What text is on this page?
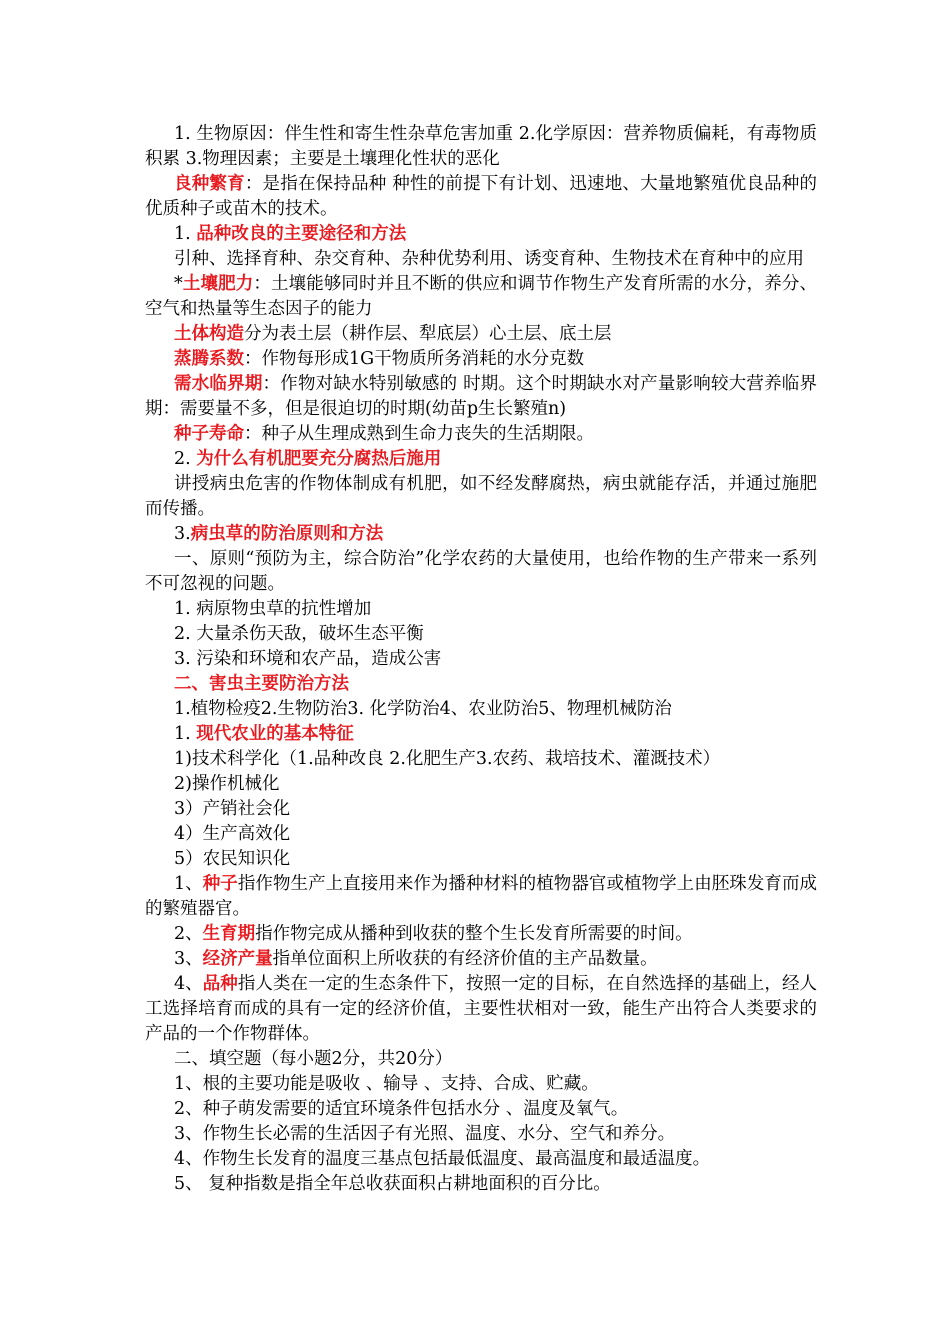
1. 生物原因：伴生性和寄生性杂草危害加重 2.化学原因：营养物质偏耗，有毒物质积累 3.物理因素；主要是土壤理化性状的恶化

良种繁育：是指在保持品种 种性的前提下有计划、迅速地、大量地繁殖优良品种的优质种子或苗木的技术。

1. 品种改良的主要途径和方法

引种、选择育种、杂交育种、杂种优势利用、诱变育种、生物技术在育种中的应用

*土壤肥力：土壤能够同时并且不断的供应和调节作物生产发育所需的水分，养分、空气和热量等生态因子的能力

土体构造分为表土层（耕作层、犁底层）心土层、底土层

蒸腾系数：作物每形成1G干物质所务消耗的水分克数

需水临界期：作物对缺水特别敏感的 时期。这个时期缺水对产量影响较大营养临界期：需要量不多，但是很迫切的时期(幼苗p生长繁殖n)

种子寿命：种子从生理成熟到生命力丧失的生活期限。

2. 为什么有机肥要充分腐热后施用

讲授病虫危害的作物体制成有机肥，如不经发酵腐热，病虫就能存活，并通过施肥而传播。

3.病虫草的防治原则和方法

一、原则“预防为主，综合防治”化学农药的大量使用，也给作物的生产带来一系列不可忽视的问题。

1. 病原物虫草的抗性增加

2. 大量杀伤天敌，破坏生态平衡

3. 污染和环境和农产品，造成公害

二、害虫主要防治方法

1.植物检疫2.生物防治3. 化学防治4、农业防治5、物理机械防治

1. 现代农业的基本特征

1)技术科学化（1.品种改良 2.化肥生产3.农药、栽培技术、灌溉技术）

2)操作机械化

3）产销社会化

4）生产高效化

5）农民知识化

1、种子指作物生产上直接用来作为播种材料的植物器官或植物学上由胚珠发育而成的繁殖器官。

2、生育期指作物完成从播种到收获的整个生长发育所需要的时间。

3、经济产量指单位面积上所收获的有经济价值的主产品数量。

4、品种指人类在一定的生态条件下，按照一定的目标，在自然选择的基础上，经人工选择培育而成的具有一定的经济价值，主要性状相对一致，能生产出符合人类要求的产品的一个作物群体。

二、填空题（每小题2分，共20分）

1、根的主要功能是吸收 、输导 、支持、合成、贮藏。

2、种子萌发需要的适宜环境条件包括水分 、温度及氧气。

3、作物生长必需的生活因子有光照、温度、水分、空气和养分。

4、作物生长发育的温度三基点包括最低温度、最高温度和最适温度。

5、 复种指数是指全年总收获面积占耕地面积的百分比。
